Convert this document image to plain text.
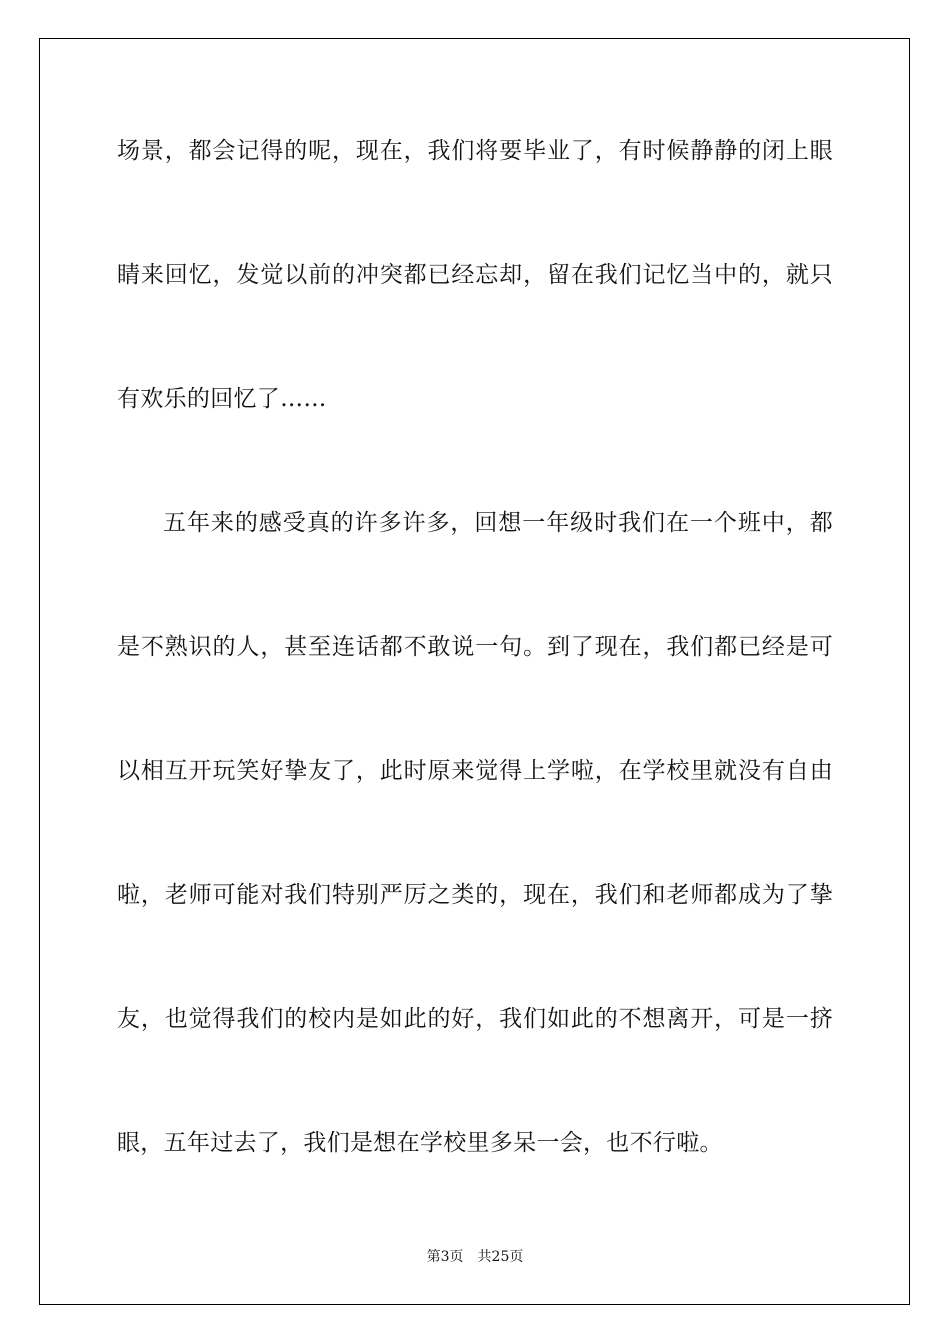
场景，都会记得的呢，现在，我们将要毕业了，有时候静静的闭上眼
睛来回忆，发觉以前的冲突都已经忘却，留在我们记忆当中的，就只
有欢乐的回忆了……
五年来的感受真的许多许多，回想一年级时我们在一个班中，都
是不熟识的人，甚至连话都不敢说一句。到了现在，我们都已经是可
以相互开玩笑好挚友了，此时原来觉得上学啦，在学校里就没有自由
啦，老师可能对我们特别严厉之类的，现在，我们和老师都成为了挚
友，也觉得我们的校内是如此的好，我们如此的不想离开，可是一挤
眼，五年过去了，我们是想在学校里多呆一会，也不行啦。
第3页 共25页
